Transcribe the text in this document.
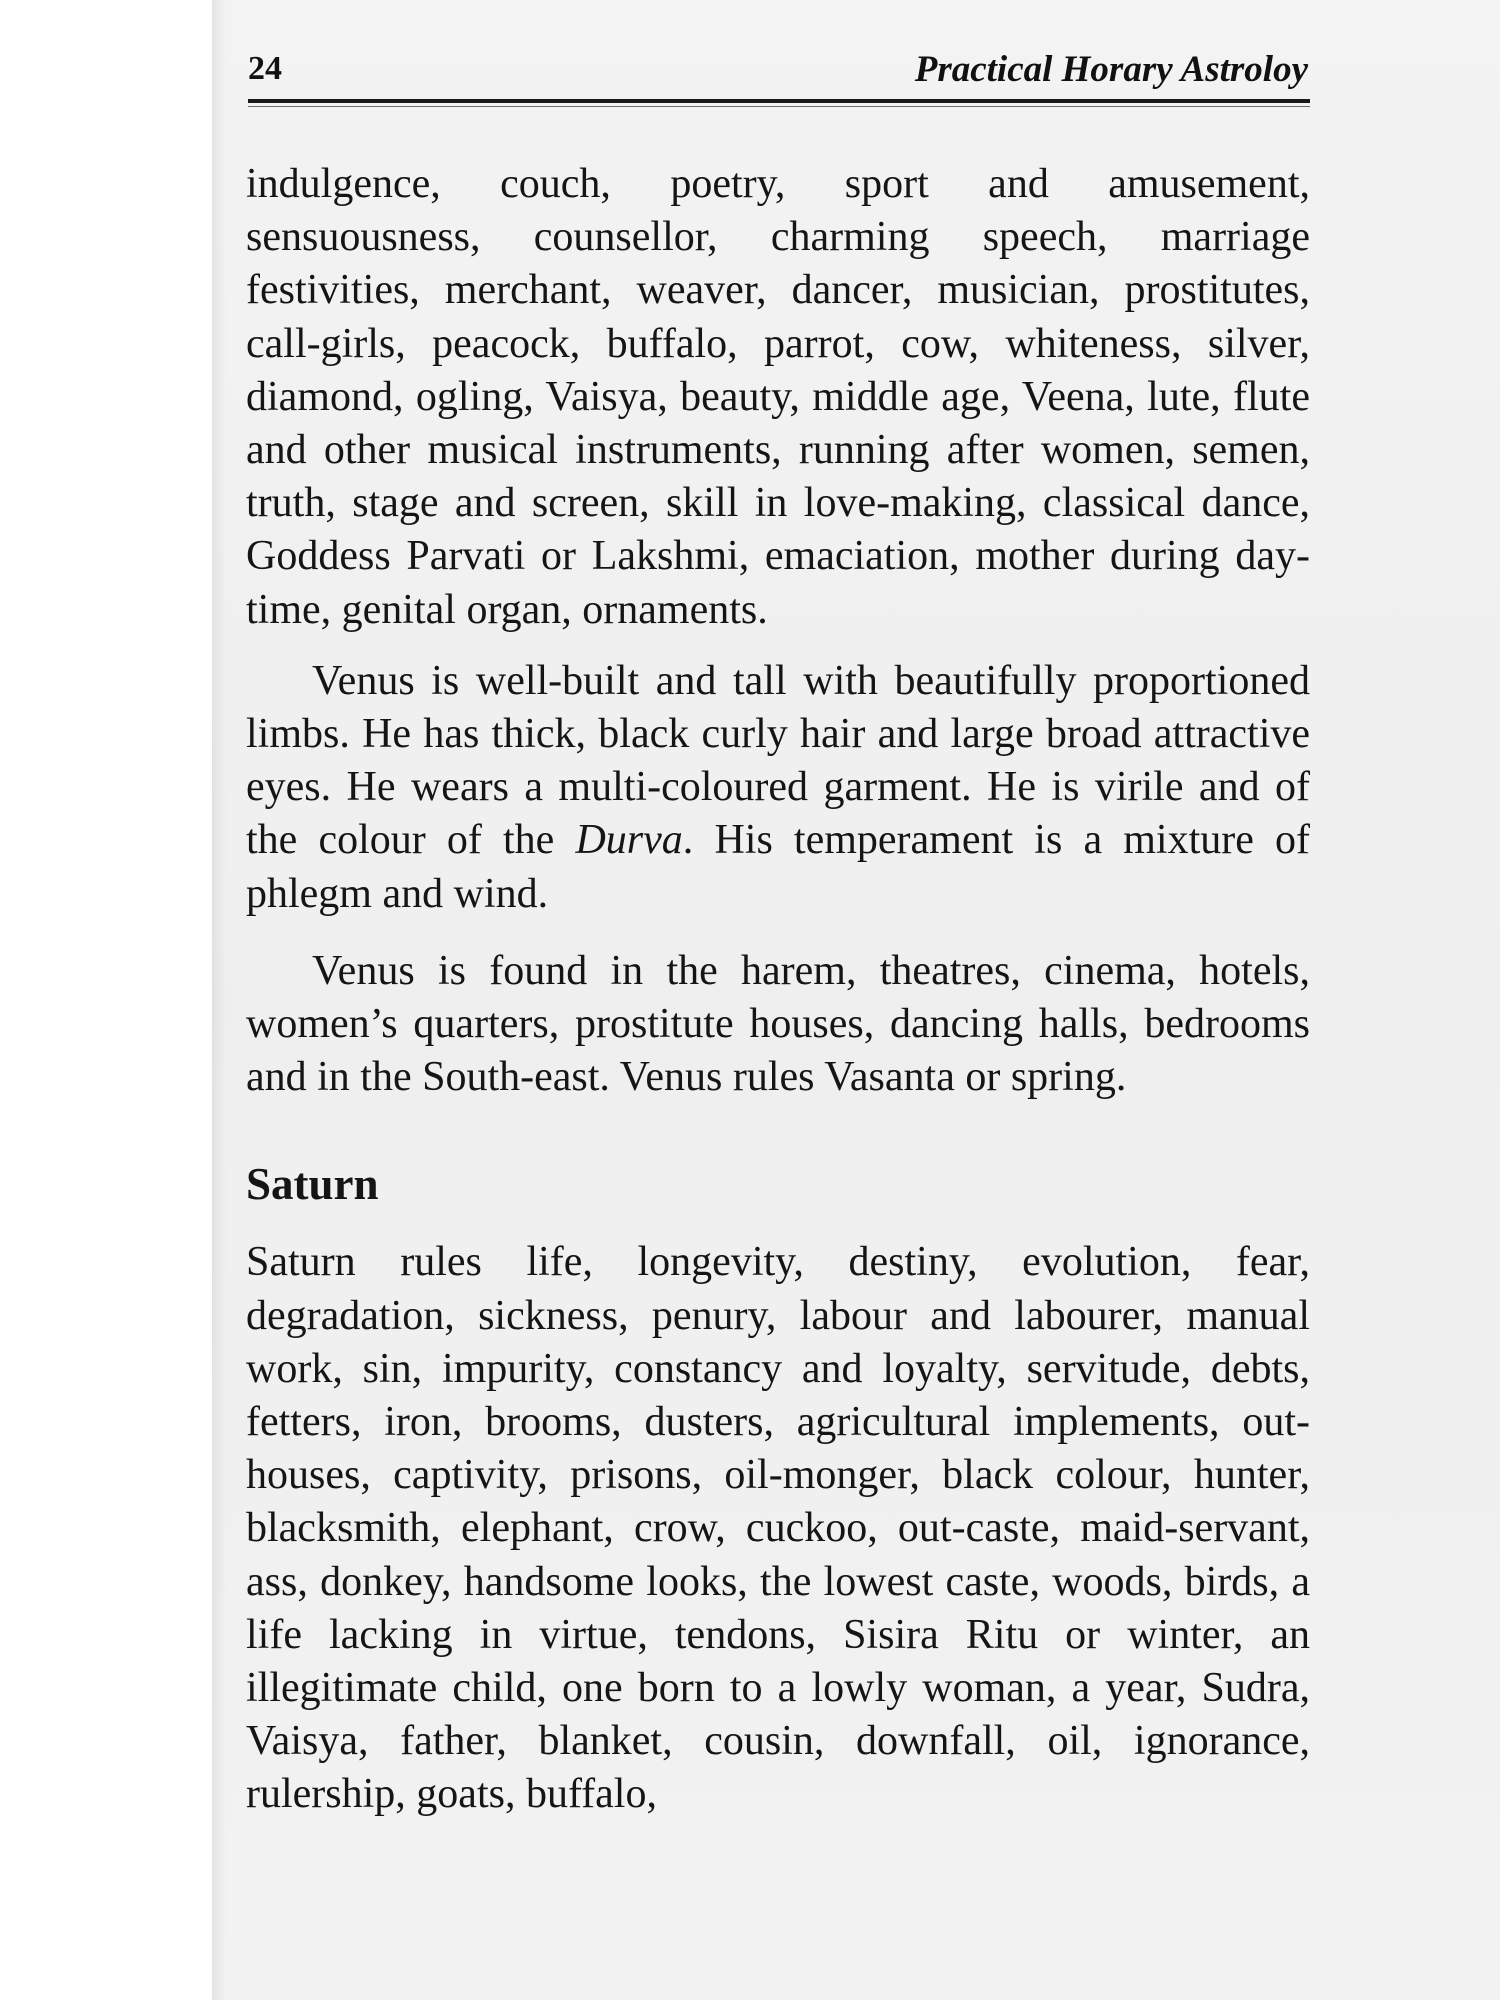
24	Practical Horary Astroloy

indulgence, couch, poetry, sport and amusement, sensuousness, counsellor, charming speech, marriage festivities, merchant, weaver, dancer, musician, prostitutes, call-girls, peacock, buffalo, parrot, cow, whiteness, silver, diamond, ogling, Vaisya, beauty, middle age, Veena, lute, flute and other musical instruments, running after women, semen, truth, stage and screen, skill in love-making, classical dance, Goddess Parvati or Lakshmi, emaciation, mother during day-time, genital organ, ornaments.

Venus is well-built and tall with beautifully proportioned limbs. He has thick, black curly hair and large broad attractive eyes. He wears a multi-coloured garment. He is virile and of the colour of the Durva. His temperament is a mixture of phlegm and wind.

Venus is found in the harem, theatres, cinema, hotels, women’s quarters, prostitute houses, dancing halls, bedrooms and in the South-east. Venus rules Vasanta or spring.

Saturn

Saturn rules life, longevity, destiny, evolution, fear, degradation, sickness, penury, labour and labourer, manual work, sin, impurity, constancy and loyalty, servitude, debts, fetters, iron, brooms, dusters, agricultural implements, out-houses, captivity, prisons, oil-monger, black colour, hunter, blacksmith, elephant, crow, cuckoo, out-caste, maid-servant, ass, donkey, handsome looks, the lowest caste, woods, birds, a life lacking in virtue, tendons, Sisira Ritu or winter, an illegitimate child, one born to a lowly woman, a year, Sudra, Vaisya, father, blanket, cousin, downfall, oil, ignorance, rulership, goats, buffalo,
